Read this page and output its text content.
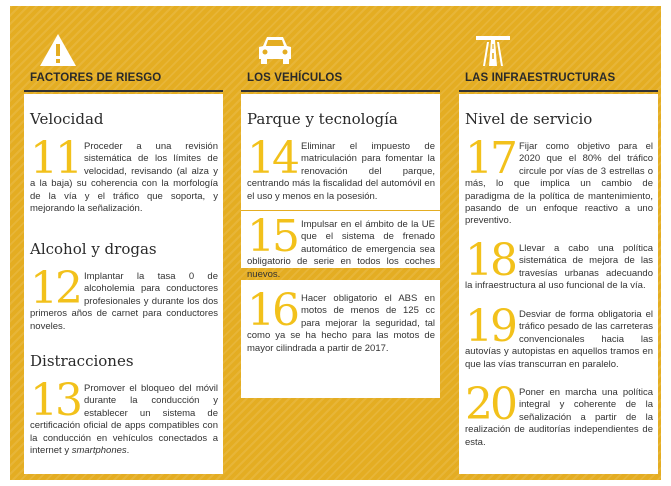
FACTORES DE RIESGO
Velocidad
11 Proceder a una revisión sistemática de los límites de velocidad, revisando (al alza y a la baja) su coherencia con la morfología de la vía y el tráfico que soporta, y mejorando la señalización.

Alcohol y drogas
12 Implantar la tasa 0 de alcoholemia para conductores profesionales y durante los dos primeros años de carnet para conductores noveles.

Distracciones
13 Promover el bloqueo del móvil durante la conducción y establecer un sistema de certificación oficial de apps compatibles con la conducción en vehículos conectados a internet y smartphones.

LOS VEHÍCULOS
Parque y tecnología
14 Eliminar el impuesto de matriculación para fomentar la renovación del parque, centrando más la fiscalidad del automóvil en el uso y menos en la posesión.

15 Impulsar en el ámbito de la UE que el sistema de frenado automático de emergencia sea obligatorio de serie en todos los coches nuevos.

16 Hacer obligatorio el ABS en motos de menos de 125 cc para mejorar la seguridad, tal como ya se ha hecho para las motos de mayor cilindrada a partir de 2017.

LAS INFRAESTRUCTURAS
Nivel de servicio
17 Fijar como objetivo para el 2020 que el 80% del tráfico circule por vías de 3 estrellas o más, lo que implica un cambio de paradigma de la política de mantenimiento, pasando de un enfoque reactivo a uno preventivo.

18 Llevar a cabo una política sistemática de mejora de las travesías urbanas adecuando la infraestructura al uso funcional de la vía.

19 Desviar de forma obligatoria el tráfico pesado de las carreteras convencionales hacia las autovías y autopistas en aquellos tramos en que las vías transcurran en paralelo.

20 Poner en marcha una política integral y coherente de la señalización a partir de la realización de auditorías independientes de esta.
